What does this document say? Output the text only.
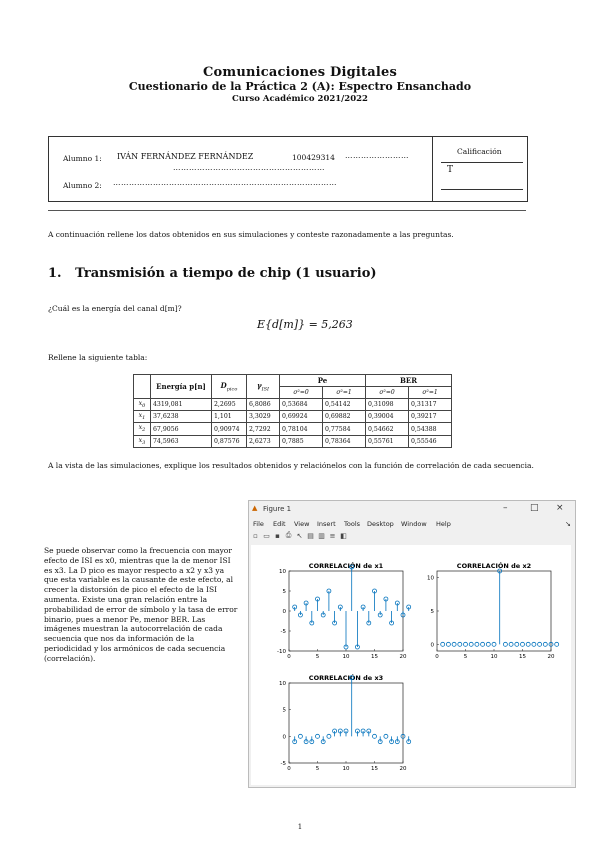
Comunicaciones Digitales
Cuestionario de la Práctica 2 (A): Espectro Ensanchado
Curso Académico 2021/2022
Alumno 1: IVÁN FERNÁNDEZ FERNÁNDEZ	100429314 ……………………
…………………………………………………
Alumno 2: …………………………………………………………………………
Calificación
T
A continuación rellene los datos obtenidos en sus simulaciones y conteste razonadamente a las preguntas.
1. Transmisión a tiempo de chip (1 usuario)
¿Cuál es la energía del canal d[m]?
E{d[m]} = 5,263
Rellene la siguiente tabla:
	Energía p[n]	$D_{pico}$	$\gamma_{ISI}$	Pe		BER	
				σ²=0	σ²=1	σ²=0	σ²=1
$x_0$	4319,081	2,2695	6,8086	0,53684	0,54142	0,31098	0,31317
$x_1$	37,6238	1,101	3,3029	0,69924	0,69882	0,39004	0,39217
$x_2$	67,9056	0,90974	2,7292	0,78104	0,77584	0,54662	0,54388
$x_3$	74,5963	0,87576	2,6273	0,7885	0,78364	0,55761	0,55546
A la vista de las simulaciones, explique los resultados obtenidos y relaciónelos con la función de correlación de cada secuencia.
Se puede observar como la frecuencia con mayor efecto de ISI es x0, mientras que la de menor ISI es x3. La D pico es mayor respecto a x2 y x3 ya que esta variable es la causante de este efecto, al crecer la distorsión de pico el efecto de la ISI aumenta. Existe una gran relación entre la probabilidad de error de símbolo y la tasa de error binario, pues a menor Pe, menor BER. Las imágenes muestran la autocorrelación de cada secuencia que nos da información de la periodicidad y los armónicos de cada secuencia (correlación).
▲ Figure 1	–	□ ×
File Edit View Insert Tools Desktop Window Help	↘
▫ ▭ ▪ ⎙ ↖ ▤ ▥ ≡ ◧
CORRELACIÓN de x1
0	5	10	15	20
10
5
0
-5
-10
CORRELACIÓN de x2
0	5	10	15	20
10
5
0
CORRELACIÓN de x3
0	5	10	15	20
10
5
0
-5
1
